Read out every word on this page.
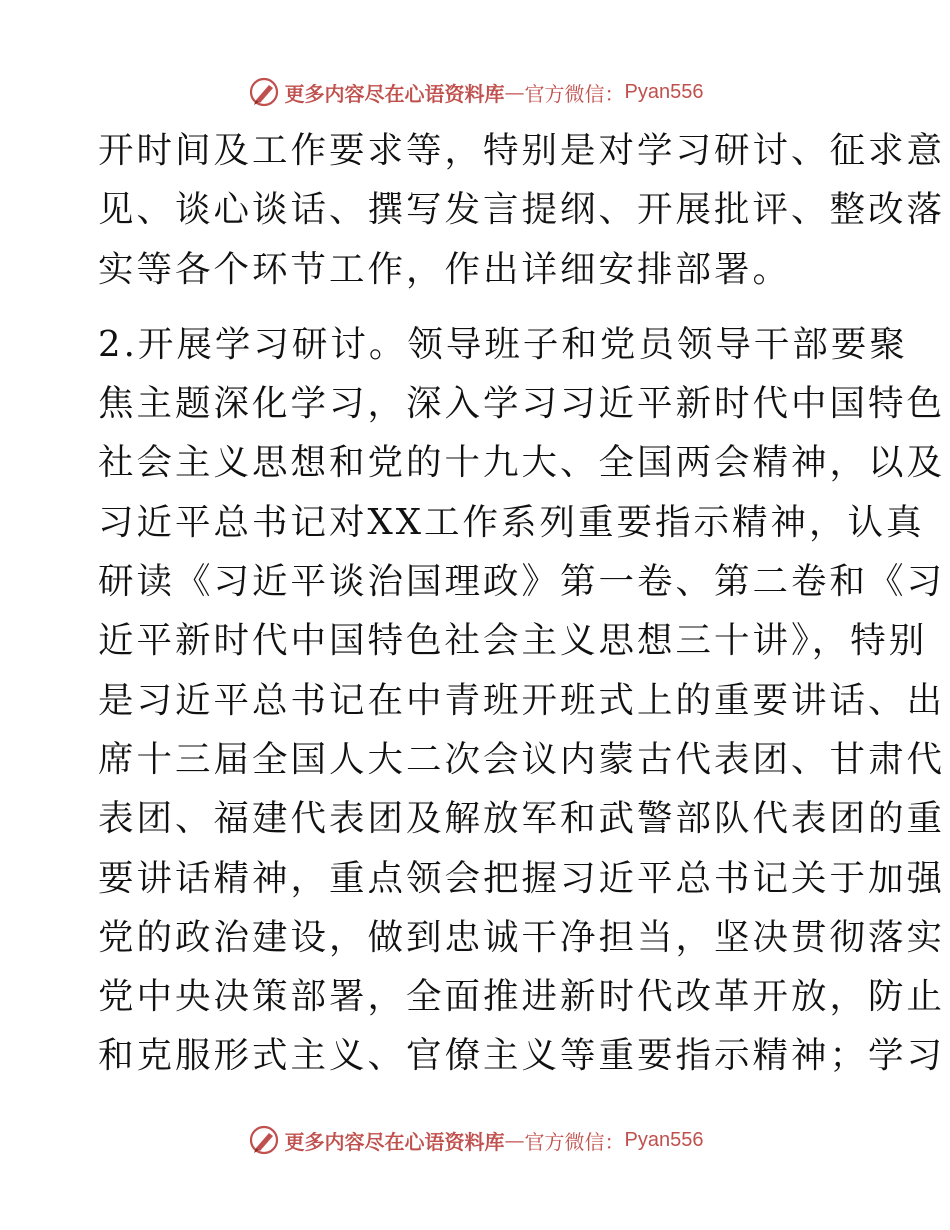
更多内容尽在心语资料库 — 官方微信： Pyan556
开时间及工作要求等，特别是对学习研讨、征求意
见、谈心谈话、撰写发言提纲、开展批评、整改落
实等各个环节工作，作出详细安排部署。
2.开展学习研讨。领导班子和党员领导干部要聚
焦主题深化学习，深入学习习近平新时代中国特色
社会主义思想和党的十九大、全国两会精神，以及
习近平总书记对XX工作系列重要指示精神，认真
研读《习近平谈治国理政》第一卷、第二卷和《习
近平新时代中国特色社会主义思想三十讲》，特别
是习近平总书记在中青班开班式上的重要讲话、出
席十三届全国人大二次会议内蒙古代表团、甘肃代
表团、福建代表团及解放军和武警部队代表团的重
要讲话精神，重点领会把握习近平总书记关于加强
党的政治建设，做到忠诚干净担当，坚决贯彻落实
党中央决策部署，全面推进新时代改革开放，防止
和克服形式主义、官僚主义等重要指示精神；学习
更多内容尽在心语资料库 — 官方微信： Pyan556
